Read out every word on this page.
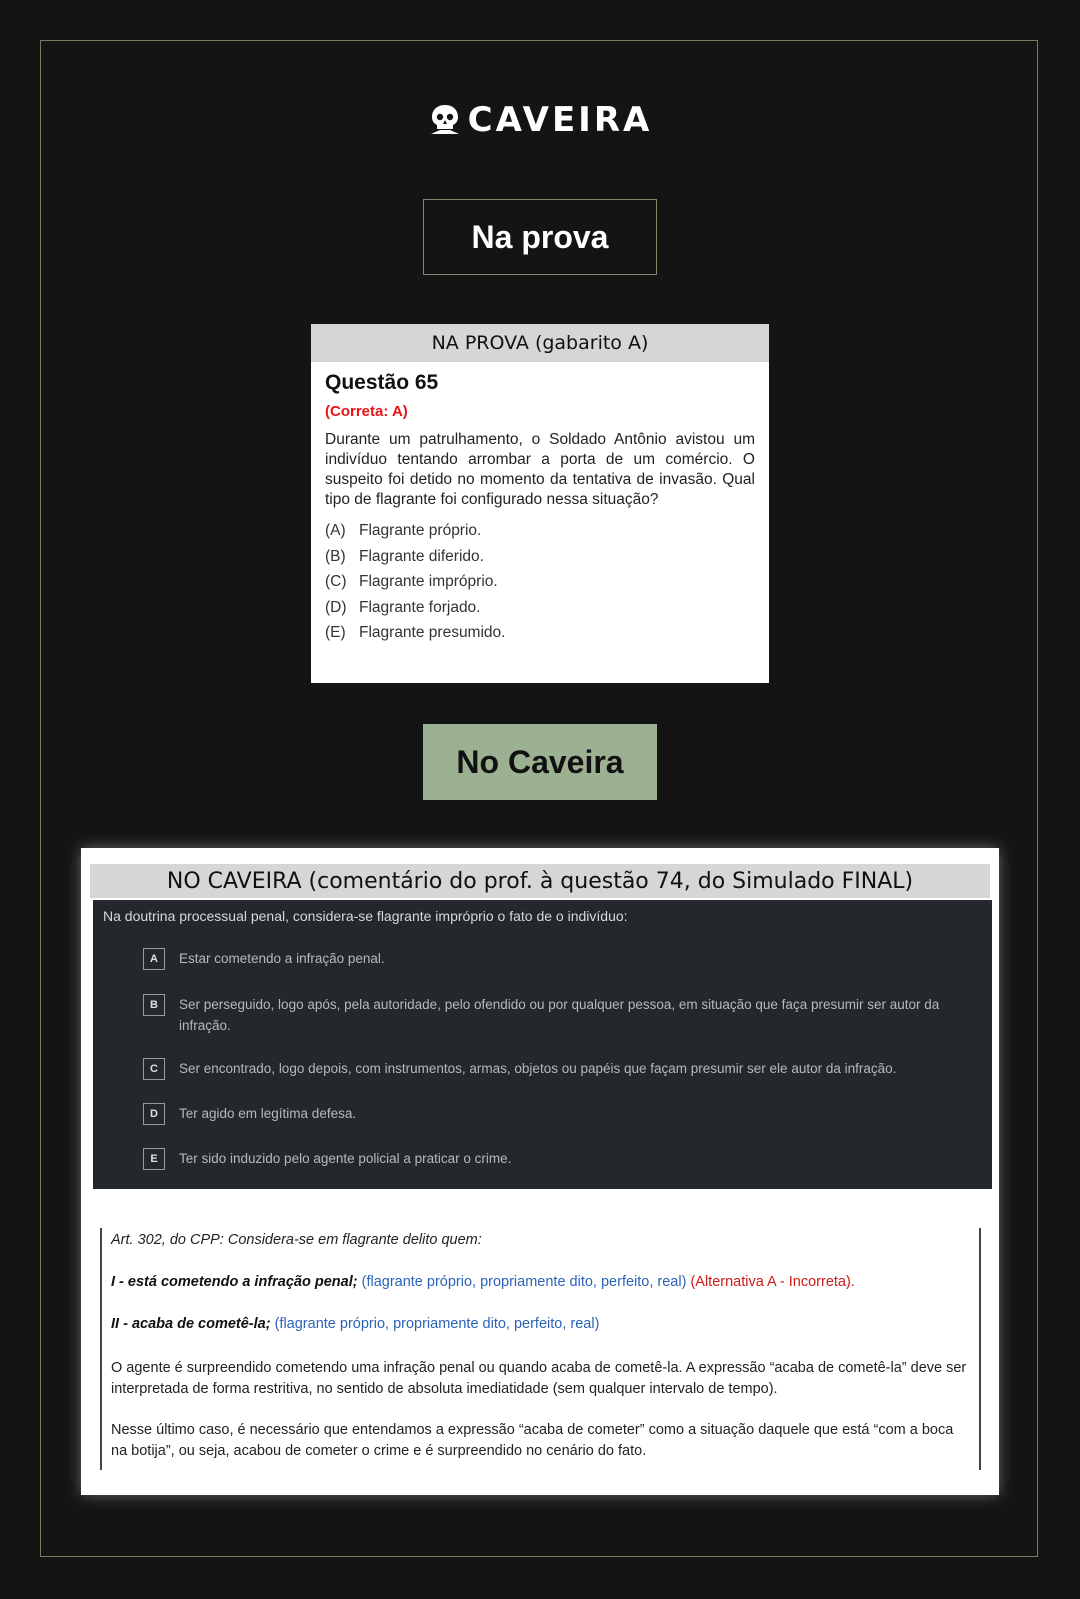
CAVEIRA
Na prova
NA PROVA (gabarito A)
Questão 65
(Correta: A)
Durante um patrulhamento, o Soldado Antônio avistou um indivíduo tentando arrombar a porta de um comércio. O suspeito foi detido no momento da tentativa de invasão. Qual tipo de flagrante foi configurado nessa situação?
(A) Flagrante próprio.
(B) Flagrante diferido.
(C) Flagrante impróprio.
(D) Flagrante forjado.
(E) Flagrante presumido.
No Caveira
NO CAVEIRA (comentário do prof. à questão 74, do Simulado FINAL)
Na doutrina processual penal, considera-se flagrante impróprio o fato de o indivíduo:
A	Estar cometendo a infração penal.
B	Ser perseguido, logo após, pela autoridade, pelo ofendido ou por qualquer pessoa, em situação que faça presumir ser autor da infração.
C	Ser encontrado, logo depois, com instrumentos, armas, objetos ou papéis que façam presumir ser ele autor da infração.
D	Ter agido em legítima defesa.
E	Ter sido induzido pelo agente policial a praticar o crime.

Art. 302, do CPP: Considera-se em flagrante delito quem:

I - está cometendo a infração penal; (flagrante próprio, propriamente dito, perfeito, real) (Alternativa A - Incorreta).

II - acaba de cometê-la; (flagrante próprio, propriamente dito, perfeito, real)

O agente é surpreendido cometendo uma infração penal ou quando acaba de cometê-la. A expressão “acaba de cometê-la” deve ser interpretada de forma restritiva, no sentido de absoluta imediatidade (sem qualquer intervalo de tempo).

Nesse último caso, é necessário que entendamos a expressão “acaba de cometer” como a situação daquele que está “com a boca na botija”, ou seja, acabou de cometer o crime e é surpreendido no cenário do fato.
